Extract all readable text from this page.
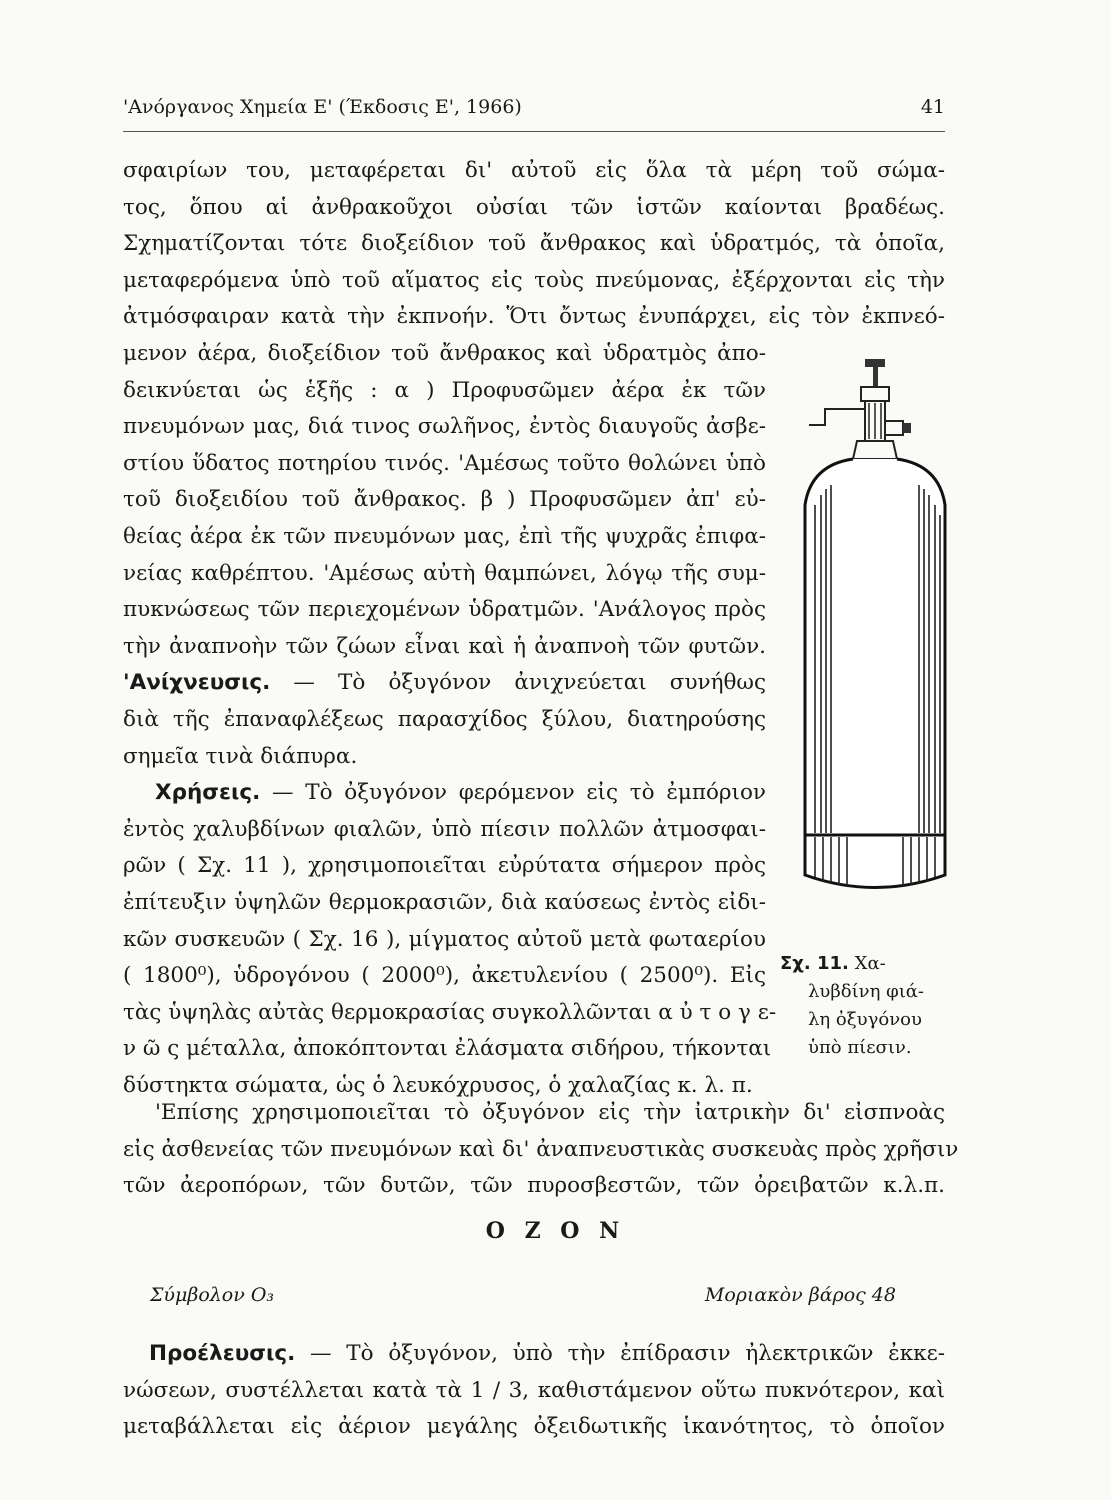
'Ανόργανος Χημεία Ε' (Έκδοσις Ε', 1966)	41
σφαιρίων του, μεταφέρεται δι' αὐτοῦ εἰς ὅλα τὰ μέρη τοῦ σώμα-
τος, ὅπου αἱ ἀνθρακοῦχοι οὐσίαι τῶν ἱστῶν καίονται βραδέως.
Σχηματίζονται τότε διοξείδιον τοῦ ἄνθρακος καὶ ὑδρατμός, τὰ ὁποῖα,
μεταφερόμενα ὑπὸ τοῦ αἵματος εἰς τοὺς πνεύμονας, ἐξέρχονται εἰς τὴν
ἀτμόσφαιραν κατὰ τὴν ἐκπνοήν. Ὅτι ὄντως ἐνυπάρχει, εἰς τὸν ἐκπνεό-
μενον ἀέρα, διοξείδιον τοῦ ἄνθρακος καὶ ὑδρατμὸς ἀπο-
δεικνύεται ὡς ἑξῆς : α ) Προφυσῶμεν ἀέρα ἐκ τῶν
πνευμόνων μας, διά τινος σωλῆνος, ἐντὸς διαυγοῦς ἀσβε-
στίου ὕδατος ποτηρίου τινός. 'Αμέσως τοῦτο θολώνει ὑπὸ
τοῦ διοξειδίου τοῦ ἄνθρακος. β ) Προφυσῶμεν ἀπ' εὐ-
θείας ἀέρα ἐκ τῶν πνευμόνων μας, ἐπὶ τῆς ψυχρᾶς ἐπιφα-
νείας καθρέπτου. 'Αμέσως αὐτὴ θαμπώνει, λόγῳ τῆς συμ-
πυκνώσεως τῶν περιεχομένων ὑδρατμῶν. 'Ανάλογος πρὸς
τὴν ἀναπνοὴν τῶν ζώων εἶναι καὶ ἡ ἀναπνοὴ τῶν φυτῶν.
'Ανίχνευσις. — Τὸ ὀξυγόνον ἀνιχνεύεται συνήθως
διὰ τῆς ἐπαναφλέξεως παρασχίδος ξύλου, διατηρούσης
σημεῖα τινὰ διάπυρα.
Χρήσεις. — Τὸ ὀξυγόνον φερόμενον εἰς τὸ ἐμπόριον
ἐντὸς χαλυβδίνων φιαλῶν, ὑπὸ πίεσιν πολλῶν ἀτμοσφαι-
ρῶν ( Σχ. 11 ), χρησιμοποιεῖται εὐρύτατα σήμερον πρὸς
ἐπίτευξιν ὑψηλῶν θερμοκρασιῶν, διὰ καύσεως ἐντὸς εἰδι-
κῶν συσκευῶν ( Σχ. 16 ), μίγματος αὐτοῦ μετὰ φωταερίου
( 1800⁰), ὑδρογόνου ( 2000⁰), ἀκετυλενίου ( 2500⁰). Εἰς
τὰς ὑψηλὰς αὐτὰς θερμοκρασίας συγκολλῶνται α ὐ τ ο γ ε-
ν ῶ ς μέταλλα, ἀποκόπτονται ἐλάσματα σιδήρου, τήκονται
δύστηκτα σώματα, ὡς ὁ λευκόχρυσος, ὁ χαλαζίας κ. λ. π.
Σχ. 11. Χα-
λυβδίνη φιά-
λη ὀξυγόνου
ὑπὸ πίεσιν.
'Επίσης χρησιμοποιεῖται τὸ ὀξυγόνον εἰς τὴν ἰατρικὴν δι' εἰσπνοὰς
εἰς ἀσθενείας τῶν πνευμόνων καὶ δι' ἀναπνευστικὰς συσκευὰς πρὸς χρῆσιν
τῶν ἀεροπόρων, τῶν δυτῶν, τῶν πυροσβεστῶν, τῶν ὀρειβατῶν κ.λ.π.
Ο Ζ Ο Ν
Σύμβολον Ο₃	Μοριακὸν βάρος 48
Προέλευσις. — Τὸ ὀξυγόνον, ὑπὸ τὴν ἐπίδρασιν ἠλεκτρικῶν ἐκκε-
νώσεων, συστέλλεται κατὰ τὰ 1 / 3, καθιστάμενον οὕτω πυκνότερον, καὶ
μεταβάλλεται εἰς ἀέριον μεγάλης ὀξειδωτικῆς ἱκανότητος, τὸ ὁποῖον
